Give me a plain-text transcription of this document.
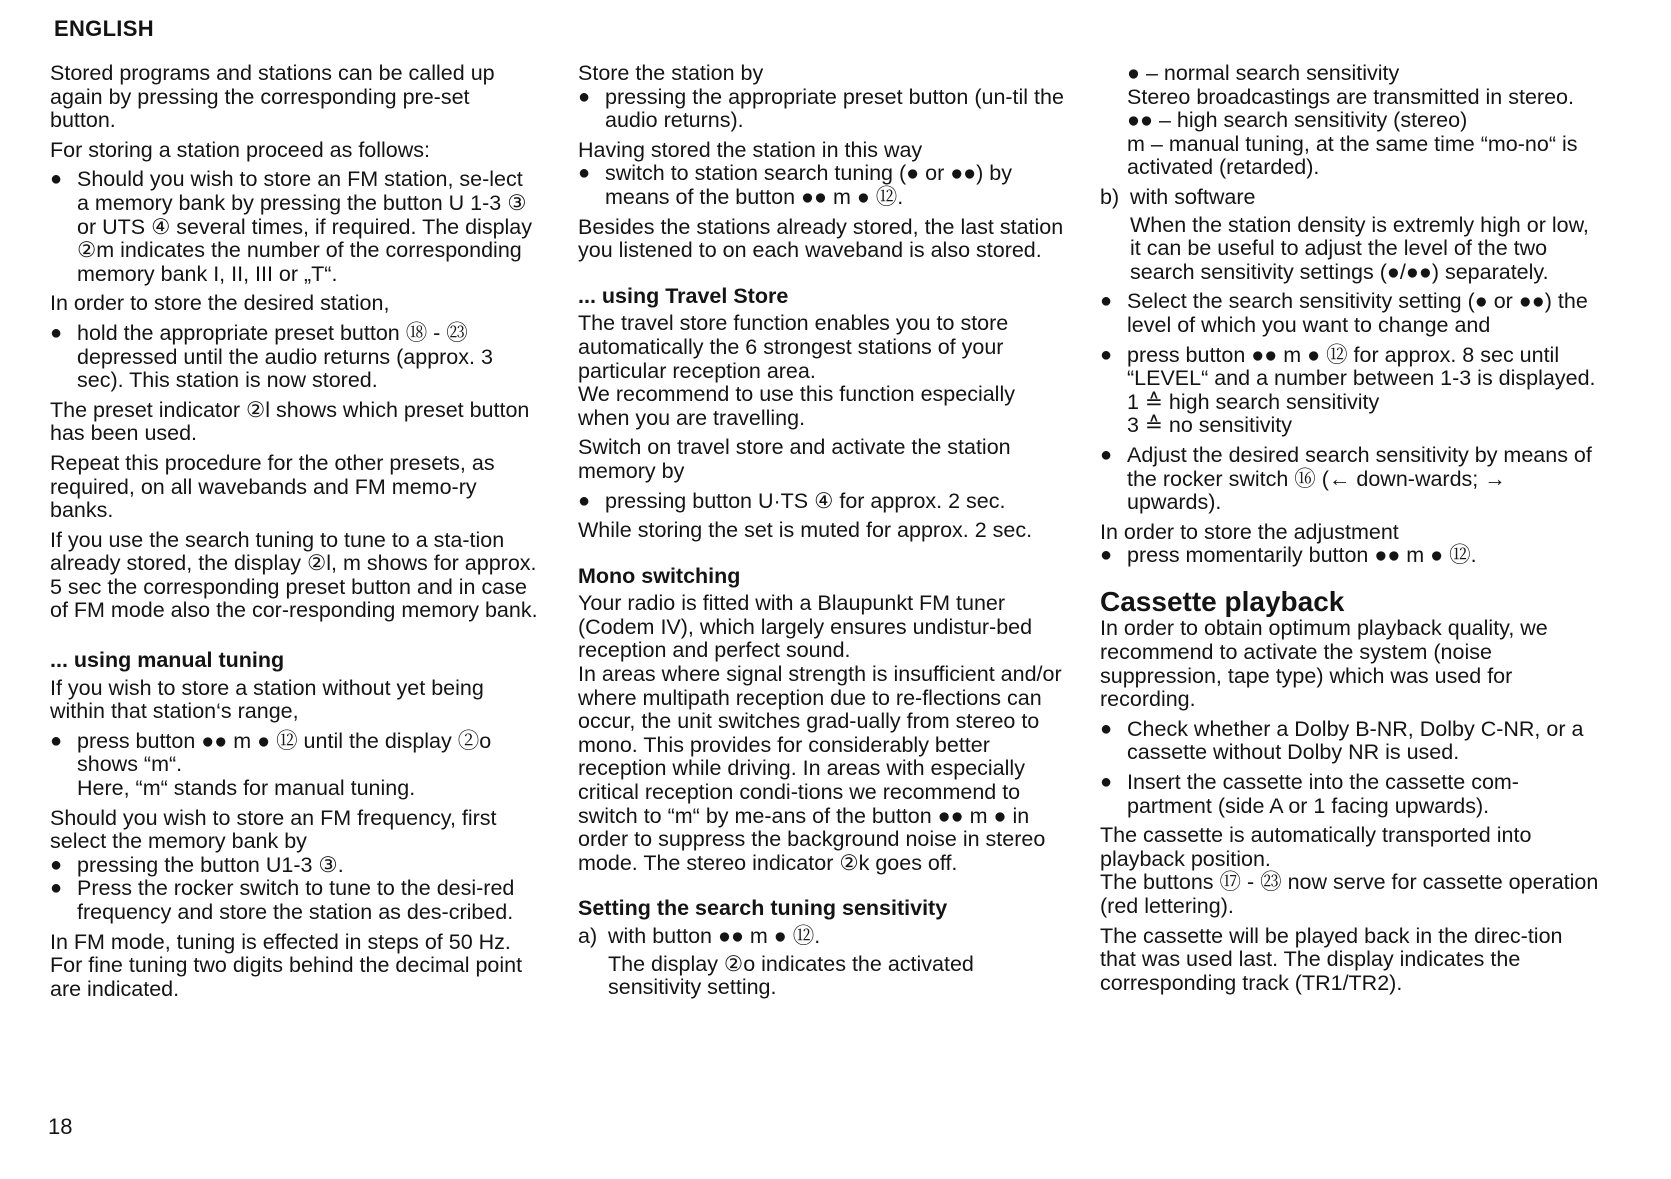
ENGLISH

Stored programs and stations can be called up again by pressing the corresponding pre-set button.

For storing a station proceed as follows:

● Should you wish to store an FM station, se-lect a memory bank by pressing the button U 1-3 ③ or UTS ④ several times, if required. The display ②m indicates the number of the corresponding memory bank I, II, III or „T“.

In order to store the desired station,

● hold the appropriate preset button ⑱ - ㉓ depressed until the audio returns (approx. 3 sec). This station is now stored.

The preset indicator ②l shows which preset button has been used.

Repeat this procedure for the other presets, as required, on all wavebands and FM memo-ry banks.

If you use the search tuning to tune to a sta-tion already stored, the display ②l, m shows for approx. 5 sec the corresponding preset button and in case of FM mode also the cor-responding memory bank.

... using manual tuning

If you wish to store a station without yet being within that station‘s range,

● press button ●● m ● ⑫ until the display ②o shows “m“.
Here, “m“ stands for manual tuning.

Should you wish to store an FM frequency, first select the memory bank by

● pressing the button U1-3 ③.
● Press the rocker switch to tune to the desi-red frequency and store the station as des-cribed.

In FM mode, tuning is effected in steps of 50 Hz.

For fine tuning two digits behind the decimal point are indicated.

Store the station by

● pressing the appropriate preset button (un-til the audio returns).

Having stored the station in this way

● switch to station search tuning (● or ●●) by means of the button ●● m ● ⑫.

Besides the stations already stored, the last station you listened to on each waveband is also stored.

... using Travel Store

The travel store function enables you to store automatically the 6 strongest stations of your particular reception area.

We recommend to use this function especially when you are travelling.

Switch on travel store and activate the station memory by

● pressing button U·TS ④ for approx. 2 sec.

While storing the set is muted for approx. 2 sec.

Mono switching

Your radio is fitted with a Blaupunkt FM tuner (Codem IV), which largely ensures undistur-bed reception and perfect sound.

In areas where signal strength is insufficient and/or where multipath reception due to re-flections can occur, the unit switches grad-ually from stereo to mono. This provides for considerably better reception while driving. In areas with especially critical reception condi-tions we recommend to switch to “m“ by me-ans of the button ●● m ● in order to suppress the background noise in stereo mode. The stereo indicator ②k goes off.

Setting the search tuning sensitivity
a) with button ●● m ● ⑫.
The display ②o indicates the activated sensitivity setting.
● – normal search sensitivity
Stereo broadcastings are transmitted in stereo.
●● – high search sensitivity (stereo)
m – manual tuning, at the same time “mo-no“ is activated (retarded).
b) with software
When the station density is extremly high or low, it can be useful to adjust the level of the two search sensitivity settings (●/●●) separately.
● Select the search sensitivity setting (● or ●●) the level of which you want to change and
● press button ●● m ● ⑫ for approx. 8 sec until “LEVEL“ and a number between 1-3 is displayed.
1 ≙ high search sensitivity
3 ≙ no sensitivity
● Adjust the desired search sensitivity by means of the rocker switch ⑯ (← down-wards; → upwards).

In order to store the adjustment

● press momentarily button ●● m ● ⑫.
Cassette playback

In order to obtain optimum playback quality, we recommend to activate the system (noise suppression, tape type) which was used for recording.

● Check whether a Dolby B-NR, Dolby C-NR, or a cassette without Dolby NR is used.
● Insert the cassette into the cassette com-partment (side A or 1 facing upwards).

The cassette is automatically transported into playback position.

The buttons ⑰ - ㉓ now serve for cassette operation (red lettering).

The cassette will be played back in the direc-tion that was used last. The display indicates the corresponding track (TR1/TR2).

18
